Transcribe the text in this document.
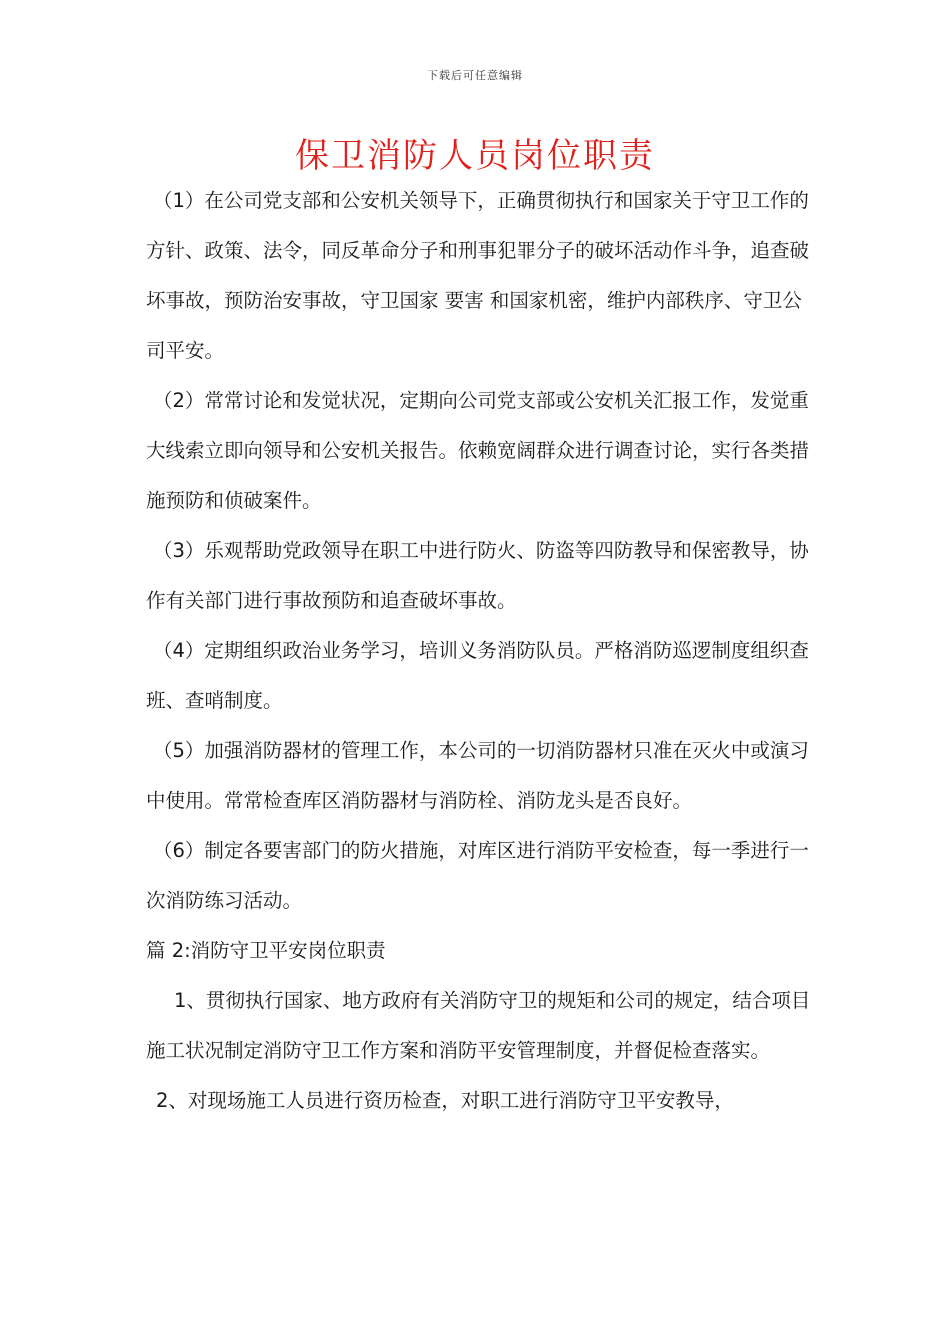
下载后可任意编辑
保卫消防人员岗位职责

（1）在公司党支部和公安机关领导下，正确贯彻执行和国家关于守卫工作的方针、政策、法令，同反革命分子和刑事犯罪分子的破坏活动作斗争，追查破坏事故，预防治安事故，守卫国家 要害 和国家机密，维护内部秩序、守卫公司平安。

（2）常常讨论和发觉状况，定期向公司党支部或公安机关汇报工作，发觉重大线索立即向领导和公安机关报告。依赖宽阔群众进行调查讨论，实行各类措施预防和侦破案件。

（3）乐观帮助党政领导在职工中进行防火、防盗等四防教导和保密教导，协作有关部门进行事故预防和追查破坏事故。

（4）定期组织政治业务学习，培训义务消防队员。严格消防巡逻制度组织查班、查哨制度。

（5）加强消防器材的管理工作，本公司的一切消防器材只准在灭火中或演习中使用。常常检查库区消防器材与消防栓、消防龙头是否良好。

（6）制定各要害部门的防火措施，对库区进行消防平安检查，每一季进行一次消防练习活动。

篇 2:消防守卫平安岗位职责

1、贯彻执行国家、地方政府有关消防守卫的规矩和公司的规定，结合项目施工状况制定消防守卫工作方案和消防平安管理制度，并督促检查落实。

2、对现场施工人员进行资历检查，对职工进行消防守卫平安教导，
